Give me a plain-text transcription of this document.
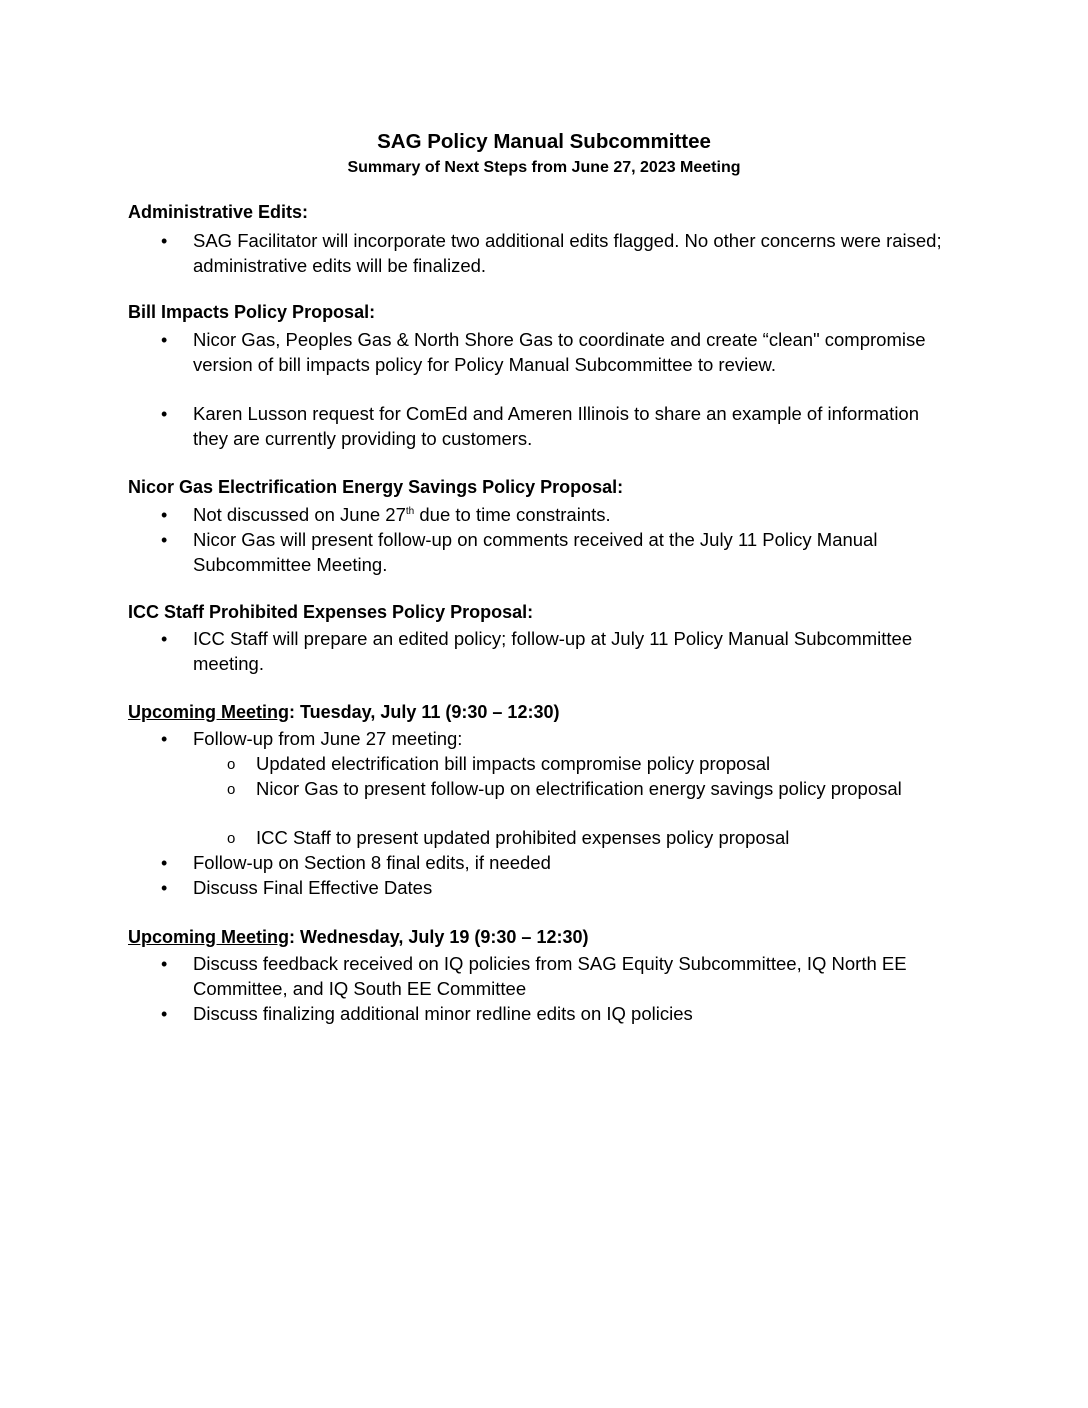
SAG Policy Manual Subcommittee
Summary of Next Steps from June 27, 2023 Meeting
Administrative Edits:
• SAG Facilitator will incorporate two additional edits flagged. No other concerns were raised; administrative edits will be finalized.
Bill Impacts Policy Proposal:
• Nicor Gas, Peoples Gas & North Shore Gas to coordinate and create “clean" compromise version of bill impacts policy for Policy Manual Subcommittee to review.
• Karen Lusson request for ComEd and Ameren Illinois to share an example of information they are currently providing to customers.
Nicor Gas Electrification Energy Savings Policy Proposal:
• Not discussed on June 27th due to time constraints.
• Nicor Gas will present follow-up on comments received at the July 11 Policy Manual Subcommittee Meeting.
ICC Staff Prohibited Expenses Policy Proposal:
• ICC Staff will prepare an edited policy; follow-up at July 11 Policy Manual Subcommittee meeting.
Upcoming Meeting: Tuesday, July 11 (9:30 – 12:30)
• Follow-up from June 27 meeting:
o Updated electrification bill impacts compromise policy proposal
o Nicor Gas to present follow-up on electrification energy savings policy proposal
o ICC Staff to present updated prohibited expenses policy proposal
• Follow-up on Section 8 final edits, if needed
• Discuss Final Effective Dates
Upcoming Meeting: Wednesday, July 19 (9:30 – 12:30)
• Discuss feedback received on IQ policies from SAG Equity Subcommittee, IQ North EE Committee, and IQ South EE Committee
• Discuss finalizing additional minor redline edits on IQ policies
